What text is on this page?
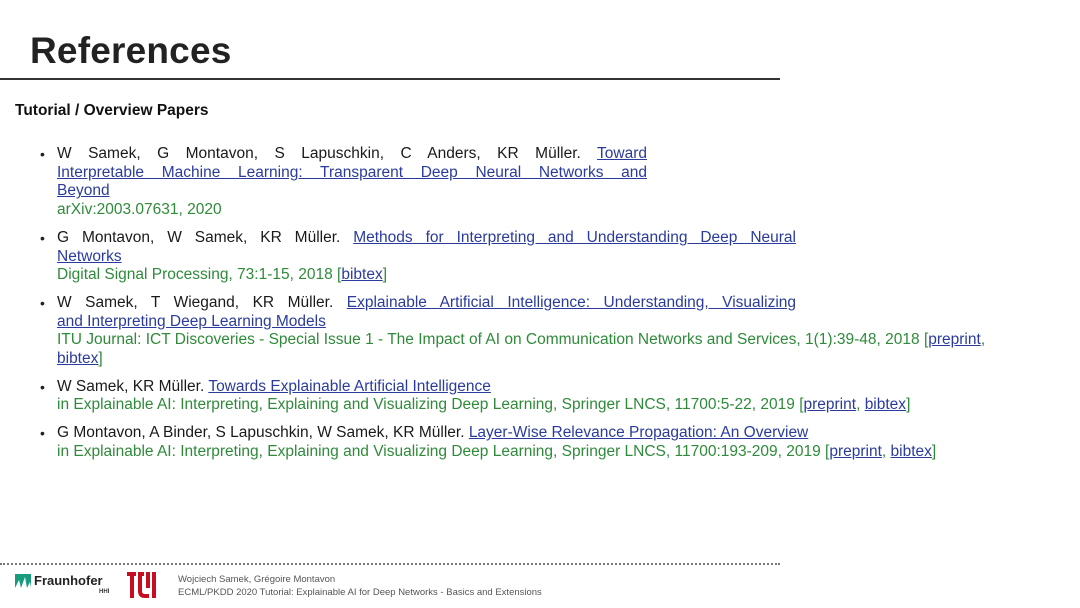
References
Tutorial / Overview Papers
• W Samek, G Montavon, S Lapuschkin, C Anders, KR Müller. Toward
Interpretable Machine Learning: Transparent Deep Neural Networks and
Beyond
arXiv:2003.07631, 2020
• G Montavon, W Samek, KR Müller. Methods for Interpreting and Understanding Deep Neural
Networks
Digital Signal Processing, 73:1-15, 2018 [bibtex]
• W Samek, T Wiegand, KR Müller. Explainable Artificial Intelligence: Understanding, Visualizing
and Interpreting Deep Learning Models
ITU Journal: ICT Discoveries - Special Issue 1 - The Impact of AI on Communication Networks and Services, 1(1):39-48, 2018 [preprint,
bibtex]
• W Samek, KR Müller. Towards Explainable Artificial Intelligence
in Explainable AI: Interpreting, Explaining and Visualizing Deep Learning, Springer LNCS, 11700:5-22, 2019 [preprint, bibtex]
• G Montavon, A Binder, S Lapuschkin, W Samek, KR Müller. Layer-Wise Relevance Propagation: An Overview
in Explainable AI: Interpreting, Explaining and Visualizing Deep Learning, Springer LNCS, 11700:193-209, 2019 [preprint, bibtex]
Fraunhofer
HHI
Wojciech Samek, Grégoire Montavon
ECML/PKDD 2020 Tutorial: Explainable AI for Deep Networks - Basics and Extensions
